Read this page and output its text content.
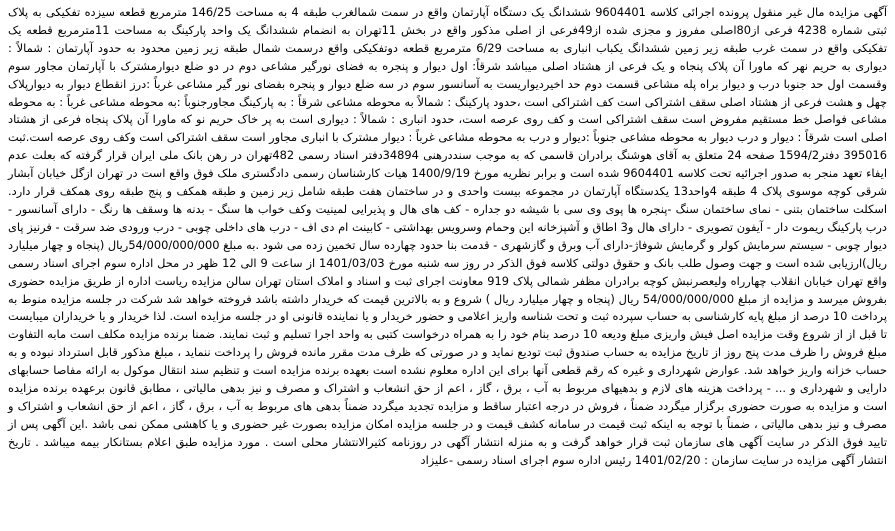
آگهی مزایده مال غیر منقول پرونده اجرائی کلاسه 9604401 ششدانگ یک دستگاه آپارتمان واقع در سمت شمالغرب طبقه 4 به مساحت 146/25 مترمربع قطعه سیزده تفکیکی به پلاک ثبتی شماره 4238 فرعی از80اصلی مفروز و مجزی شده از49فرعی از اصلی مذکور واقع در بخش 11تهران به انضمام ششدانگ یک واحد پارکینگ به مساحت 11مترمربع قطعه یک تفکیکی واقع در سمت غرب طبقه زیر زمین ششدانگ یکباب انباری به مساحت 6/29 مترمربع قطعه دوتفکیکی واقع درسمت شمال طبقه زیر زمین محدود به حدود آپارتمان : شمالاً : دیواری به حریم نهر که ماورا آن پلاک پنجاه و یک فرعی از هشتاد اصلی میباشد شرقاً: اول دیوار و پنجره به فضای نورگیر مشاعی دوم در دو ضلع دیوارمشترک با آپارتمان مجاور سوم وقسمت اول حد جنوبا درب و دیوار براه پله مشاعی قسمت دوم حد اخیردیواریست به آسانسور سوم در سه ضلع دیوار و پنجره بفضای نور گیر مشاعی غرباً :درز انقطاع دیوار به دیوارپلاک چهل و هشت فرعی از هشتاد اصلی سقف اشتراکی است کف اشتراکی است ،حدود پارکینگ : شمالاً به محوطه مشاعی شرقاً : به پارکینگ مجاورجنوباً :به محوطه مشاعی غرباً : به محوطه مشاعی فواصل خط مستقیم مفروض است سقف اشتراکی است و کف روی عرصه است، حدود انباری : شمالاً : دیواری است به پر خاک حریم نو که ماورا آن پلاک پنجاه فرعی از هشتاد اصلی است شرقاً : دیوار و درب دیوار به محوطه مشاعی جنوباً :دیوار و درب به محوطه مشاعی غرباً : دیوار مشترک با انباری مجاور است سقف اشتراکی است وکف روی عرصه است.ثبت 395016 دفتر1594/2 صفحه 24 متعلق به آقای هوشنگ برادران قاسمی که به موجب سنددرهنی 34894دفتر اسناد رسمی 482تهران در رهن بانک ملی ایران قرار گرفته که بعلت عدم ایفاء تعهد منجر به صدور اجرائیه تحت کلاسه 9604401 شده است و برابر نظریه مورخ 1400/9/19 هیات کارشناسان رسمی دادگستری ملک فوق واقع است در تهران ازگل خیابان آبشار شرقی کوچه موسوی پلاک 4 طبقه 4واحد13 یکدستگاه آپارتمان در مجموعه بیست واحدی و در ساختمان هفت طبقه شامل زیر زمین و طبقه همکف و پنج طبقه روی همکف قرار دارد. اسکلت ساختمان بتنی - نمای ساختمان سنگ -پنجره ها پوی وی سی با شیشه دو جداره - کف های هال و پذیرایی لمینیت وکف خواب ها سنگ - بدنه ها وسقف ها رنگ - دارای آسانسور - درب پارکینگ ریموت دار - آیفون تصویری - دارای هال و3 اطاق و آشپزخانه این وحمام وسرویس بهداشتی - کابینت ام دی اف - درب های داخلی چوبی - درب ورودی ضد سرقت - فرنیز پای دیوار چوبی - سیستم سرمایش کولر و گرمایش شوفاژ-دارای آب وبرق و گازشهری - قدمت بنا حدود چهارده سال تخمین زده می شود .به مبلغ 54/000/000/000ریال (پنجاه و چهار میلیارد ریال)ارزیابی شده است و جهت وصول طلب بانک و حقوق دولتی کلاسه فوق الذکر در روز سه شنبه مورخ 1401/03/03 از ساعت 9 الی 12 ظهر در محل اداره سوم اجرای اسناد رسمی واقع تهران خیابان انقلاب چهارراه ولیعصرنبش کوچه برادران مظفر شمالی پلاک 919 معاونت اجرای ثبت و اسناد و املاک استان تهران سالن مزایده ریاست اداره از طریق مزایده حضوری بفروش میرسد و مزایده از مبلغ 54/000/000/000 ریال (پنجاه و چهار میلیارد ریال ) شروع و به بالاترین قیمت که خریدار داشته باشد فروخته خواهد شد شرکت در جلسه مزایده منوط به پرداخت 10 درصد از مبلغ پایه کارشناسی به حساب سپرده ثبت و تحت شناسه واریز اعلامی و حضور خریدار و یا نماینده قانونی او در جلسه مزایده است. لذا خریدار و یا خریداران میبایست تا قبل از از شروع وقت مزایده اصل فیش واریزی مبلغ ودیعه 10 درصد بنام خود را به همراه درخواست کتبی به واحد اجرا تسلیم و ثبت نمایند. ضمنا برنده مزایده مکلف است مابه التفاوت مبلغ فروش را ظرف مدت پنج روز از تاریخ مزایده به حساب صندوق ثبت تودیع نماید و در صورتی که ظرف مدت مقرر مانده فروش را پرداخت ننماید ، مبلغ مذکور قابل استرداد نبوده و به حساب خزانه واریز خواهد شد. عوارض شهرداری و غیره که رقم قطعی آنها برای این اداره معلوم نشده است بعهده برنده مزایده است و تنظیم سند انتقال موکول به ارائه مفاصا حسابهای دارایی و شهرداری و ... - پرداخت هزینه های لازم و بدهیهای مربوط به آب ، برق ، گاز ، اعم از حق انشعاب و اشتراک و مصرف و نیز بدهی مالیاتی ، مطابق قانون برعهده برنده مزایده است و مزایده به صورت حضوری برگزار میگردد ضمناً ، فروش در درجه اعتبار ساقط و مزایده تجدید میگردد ضمناً بدهی های مربوط به آب ، برق ، گاز ، اعم از حق انشعاب و اشتراک و مصرف و نیز بدهی مالیاتی ، ضمناً با توجه به اینکه ثبت قیمت در سامانه کشف قیمت و در جلسه مزایده امکان مزایده بصورت غیر حضوری و یا کاهشی ممکن نمی باشد .این آگهی پس از تایید فوق الذکر در سایت آگهی های سازمان ثبت قرار خواهد گرفت و به منزله انتشار آگهی در روزنامه کثیرالانتشار محلی است . مورد مزایده طبق اعلام بستانکار بیمه میباشد . تاریخ انتشار آگهی مزایده در سایت سازمان : 1401/02/20 رئیس اداره سوم اجرای اسناد رسمی -علیزاد
